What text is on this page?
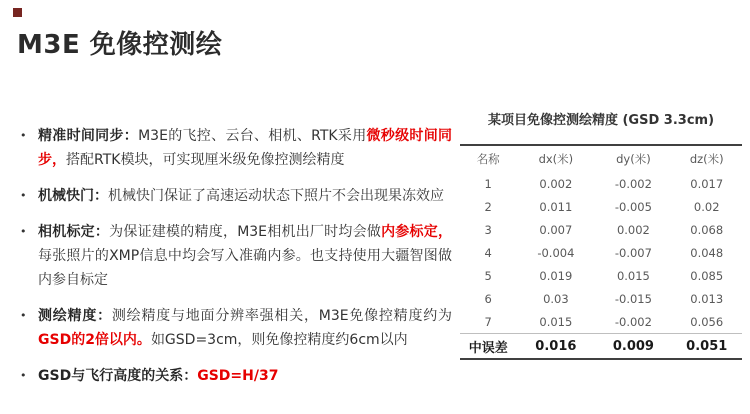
M3E 免像控测绘
• 精准时间同步：M3E的飞控、云台、相机、RTK采用微秒级时间同步，搭配RTK模块，可实现厘米级免像控测绘精度
• 机械快门：机械快门保证了高速运动状态下照片不会出现果冻效应
• 相机标定：为保证建模的精度，M3E相机出厂时均会做内参标定，每张照片的XMP信息中均会写入准确内参。也支持使用大疆智图做内参自标定
• 测绘精度：测绘精度与地面分辨率强相关，M3E免像控精度约为GSD的2倍以内。如GSD=3cm，则免像控精度约6cm以内
• GSD与飞行高度的关系：GSD=H/37
某项目免像控测绘精度 (GSD 3.3cm)
名称	dx(米)	dy(米)	dz(米)
1	0.002	-0.002	0.017
2	0.011	-0.005	0.02
3	0.007	0.002	0.068
4	-0.004	-0.007	0.048
5	0.019	0.015	0.085
6	0.03	-0.015	0.013
7	0.015	-0.002	0.056
中误差	0.016	0.009	0.051
